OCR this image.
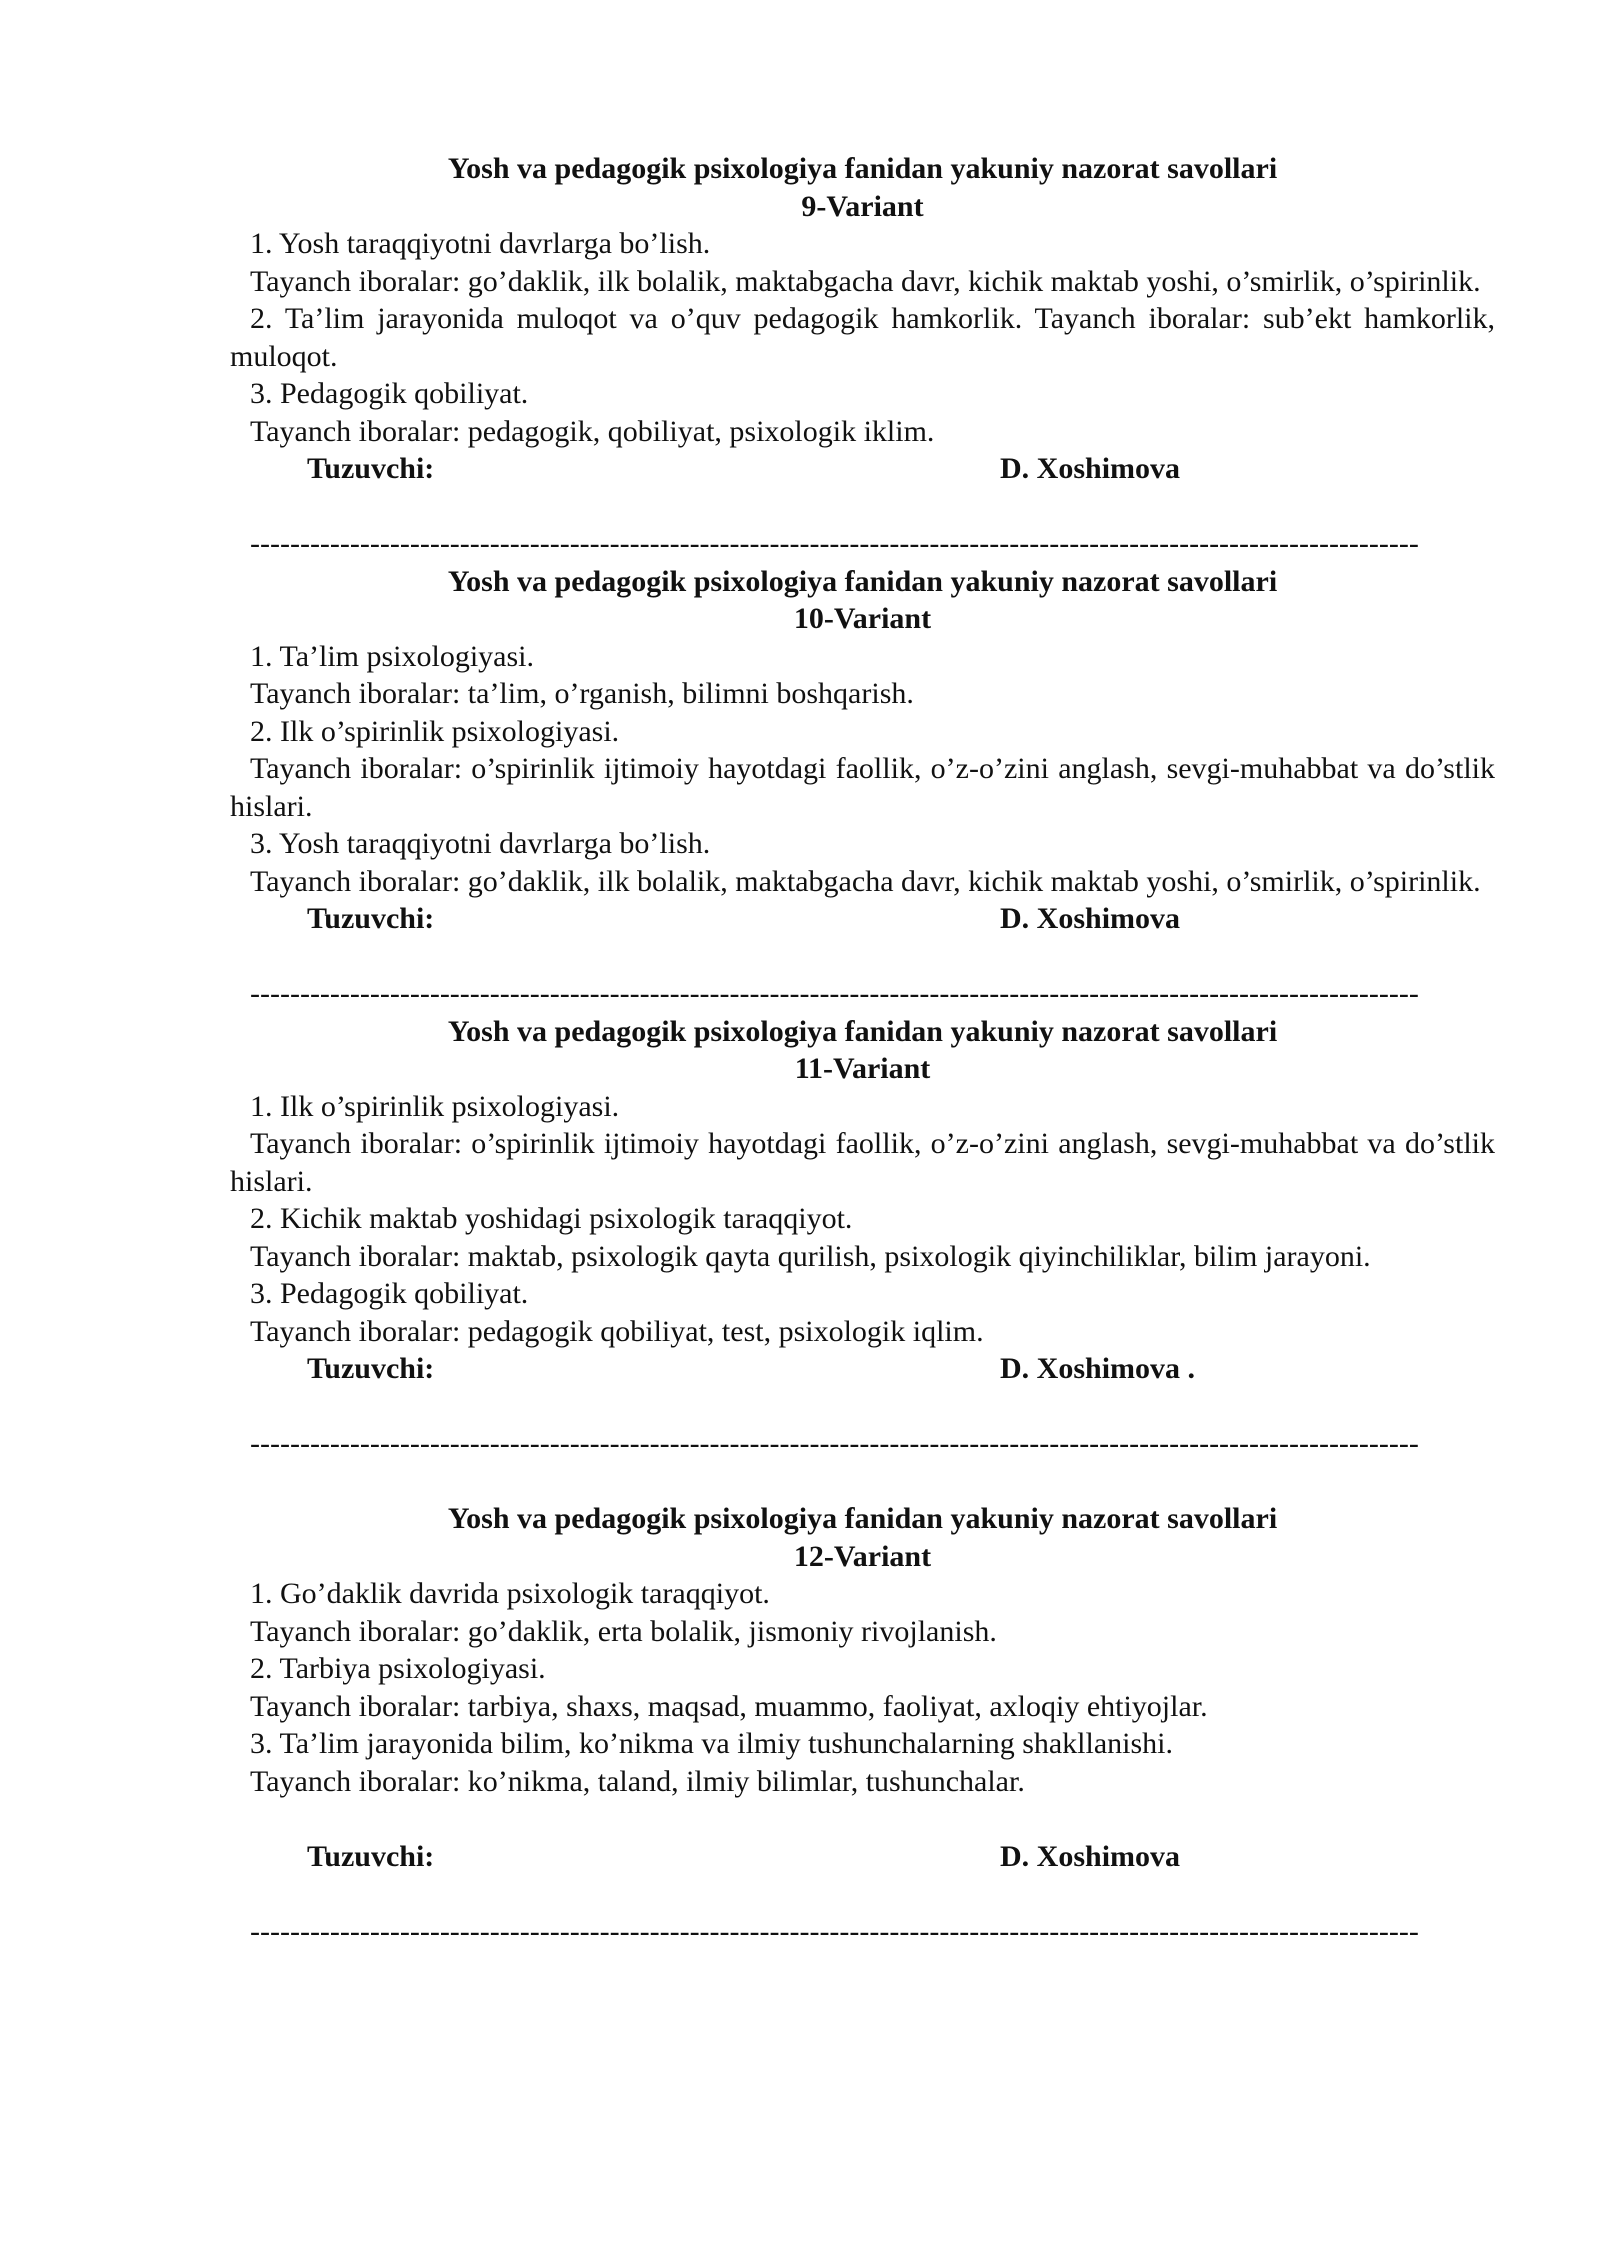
Yosh va pedagogik psixologiya fanidan yakuniy nazorat savollari

9-Variant

1. Yosh taraqqiyotni davrlarga bo’lish.

Tayanch iboralar: go’daklik, ilk bolalik, maktabgacha davr, kichik maktab yoshi, o’smirlik, o’spirinlik.

2. Ta’lim jarayonida muloqot va o’quv pedagogik hamkorlik. Tayanch iboralar: sub’ekt hamkorlik, muloqot.

3. Pedagogik qobiliyat.

Tayanch iboralar: pedagogik, qobiliyat, psixologik iklim.

Tuzuvchi:	D. Xoshimova
---------------------------------------------------------------------------------------------------------------------

Yosh va pedagogik psixologiya fanidan yakuniy nazorat savollari

10-Variant

1. Ta’lim psixologiyasi.

Tayanch iboralar: ta’lim, o’rganish, bilimni boshqarish.

2. Ilk o’spirinlik psixologiyasi.

Tayanch iboralar: o’spirinlik ijtimoiy hayotdagi faollik, o’z-o’zini anglash, sevgi-muhabbat va do’stlik hislari.

3. Yosh taraqqiyotni davrlarga bo’lish.

Tayanch iboralar: go’daklik, ilk bolalik, maktabgacha davr, kichik maktab yoshi, o’smirlik, o’spirinlik.

Tuzuvchi:	D. Xoshimova
---------------------------------------------------------------------------------------------------------------------

Yosh va pedagogik psixologiya fanidan yakuniy nazorat savollari

11-Variant

1. Ilk o’spirinlik psixologiyasi.

Tayanch iboralar: o’spirinlik ijtimoiy hayotdagi faollik, o’z-o’zini anglash, sevgi-muhabbat va do’stlik hislari.

2. Kichik maktab yoshidagi psixologik taraqqiyot.

Tayanch iboralar: maktab, psixologik qayta qurilish, psixologik qiyinchiliklar, bilim jarayoni.

3. Pedagogik qobiliyat.

Tayanch iboralar: pedagogik qobiliyat, test, psixologik iqlim.

Tuzuvchi:	D. Xoshimova .
---------------------------------------------------------------------------------------------------------------------

Yosh va pedagogik psixologiya fanidan yakuniy nazorat savollari

12-Variant

1. Go’daklik davrida psixologik taraqqiyot.

Tayanch iboralar: go’daklik, erta bolalik, jismoniy rivojlanish.

2. Tarbiya psixologiyasi.

Tayanch iboralar: tarbiya, shaxs, maqsad, muammo, faoliyat, axloqiy ehtiyojlar.

3. Ta’lim jarayonida bilim, ko’nikma va ilmiy tushunchalarning shakllanishi.

Tayanch iboralar: ko’nikma, taland, ilmiy bilimlar, tushunchalar.

Tuzuvchi:	D. Xoshimova
---------------------------------------------------------------------------------------------------------------------
